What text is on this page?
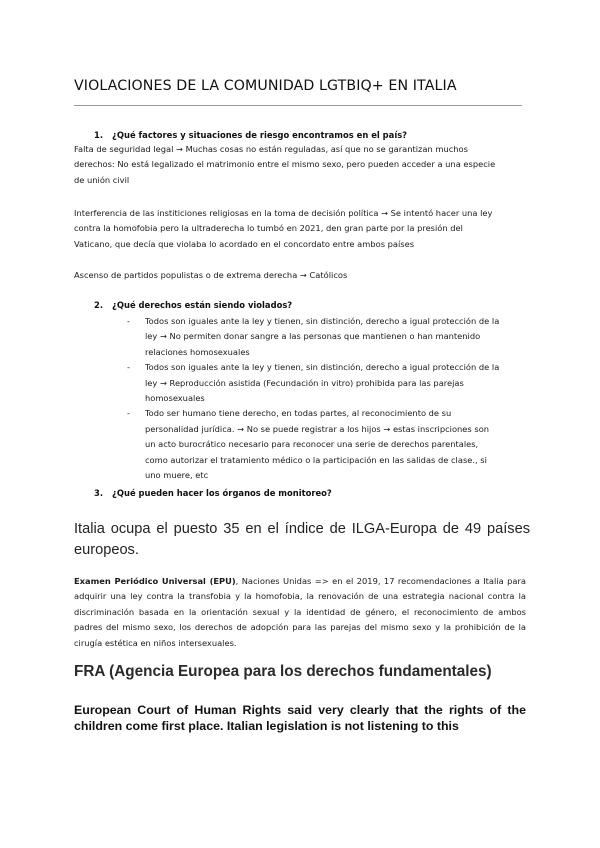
VIOLACIONES DE LA COMUNIDAD LGTBIQ+ EN ITALIA
1. ¿Qué factores y situaciones de riesgo encontramos en el país?
Falta de seguridad legal → Muchas cosas no están reguladas, así que no se garantizan muchos
derechos: No está legalizado el matrimonio entre el mismo sexo, pero pueden acceder a una especie
de unión civil
Interferencia de las institiciones religiosas en la toma de decisión política → Se intentó hacer una ley
contra la homofobia pero la ultraderecha lo tumbó en 2021, den gran parte por la presión del
Vaticano, que decía que violaba lo acordado en el concordato entre ambos países
Ascenso de partidos populistas o de extrema derecha → Católicos
2. ¿Qué derechos están siendo violados?
- Todos son iguales ante la ley y tienen, sin distinción, derecho a igual protección de la
ley → No permiten donar sangre a las personas que mantienen o han mantenido
relaciones homosexuales
- Todos son iguales ante la ley y tienen, sin distinción, derecho a igual protección de la
ley → Reproducción asistida (Fecundación in vitro) prohibida para las parejas
homosexuales
- Todo ser humano tiene derecho, en todas partes, al reconocimiento de su
personalidad jurídica. → No se puede registrar a los hijos → estas inscripciones son
un acto burocrático necesario para reconocer una serie de derechos parentales,
como autorizar el tratamiento médico o la participación en las salidas de clase., si
uno muere, etc
3. ¿Qué pueden hacer los órganos de monitoreo?

Italia ocupa el puesto 35 en el índice de ILGA-Europa de 49 países europeos.

Examen Periódico Universal (EPU), Naciones Unidas => en el 2019, 17 recomendaciones a Italia para adquirir una ley contra la transfobia y la homofobia, la renovación de una estrategia nacional contra la discriminación basada en la orientación sexual y la identidad de género, el reconocimiento de ambos padres del mismo sexo, los derechos de adopción para las parejas del mismo sexo y la prohibición de la cirugía estética en niños intersexuales.

FRA (Agencia Europea para los derechos fundamentales)

European Court of Human Rights said very clearly that the rights of the children come first place. Italian legislation is not listening to this
